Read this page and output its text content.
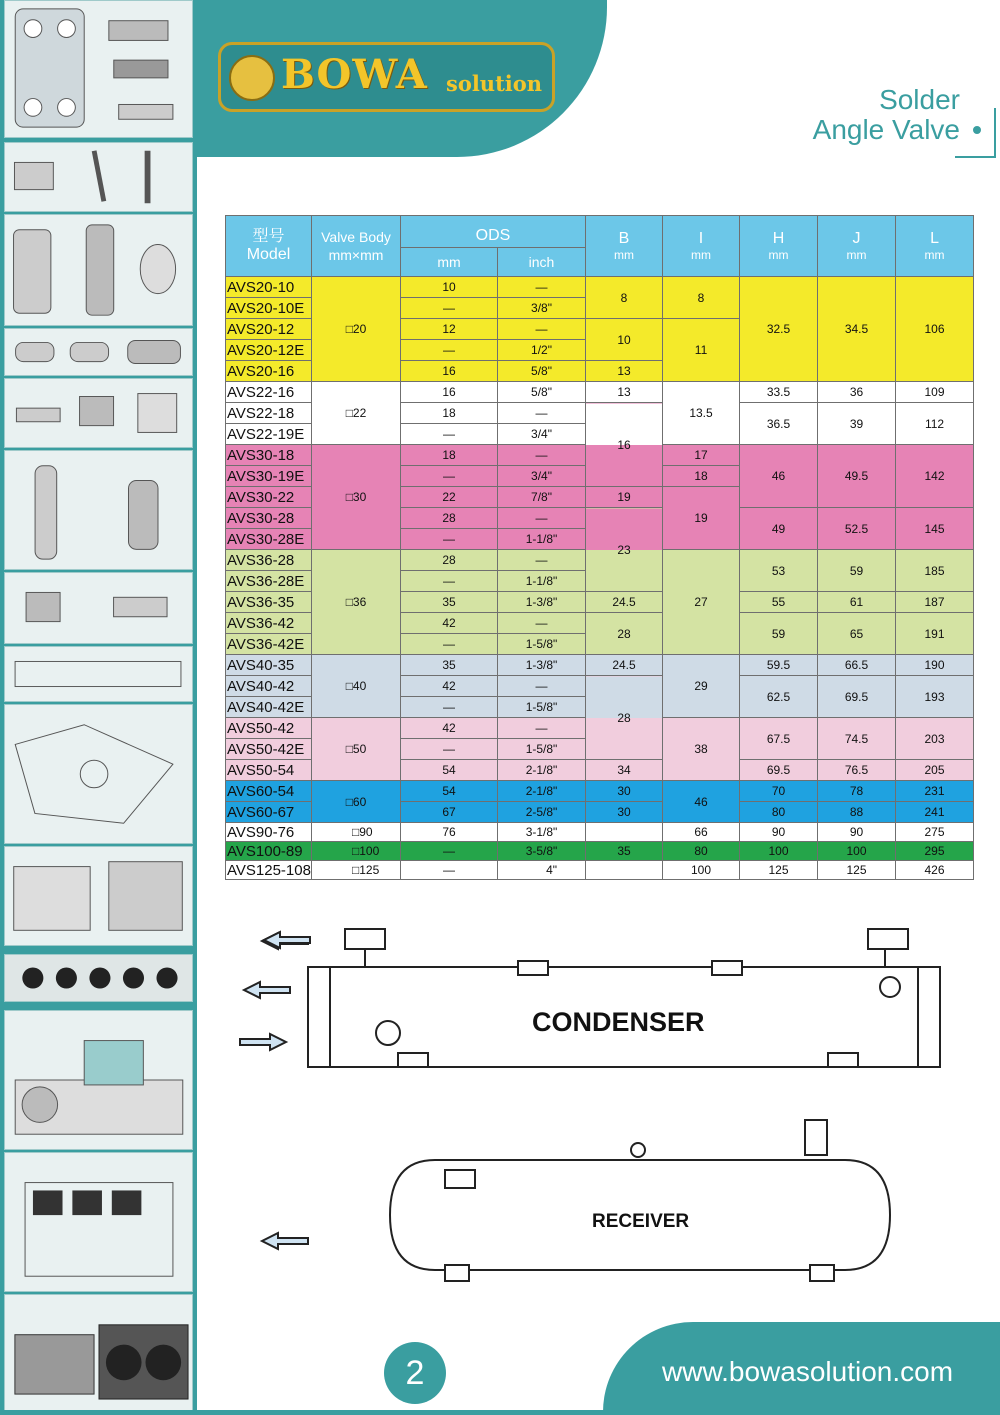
BOWA solution
Solder
Angle Valve
型号
Model	Valve Body
mm×mm	ODS		B
mm	I
mm	H
mm	J
mm	L
mm

		mm	inch					
AVS20-10	□20	10	—	8	8	32.5	34.5	106
AVS20-10E		—	3/8"					
AVS20-12		12	—	10	11			
AVS20-12E		—	1/2"					
AVS20-16		16	5/8"	13				
AVS22-16	□22	16	5/8"	13	13.5	33.5	36	109
AVS22-18		18	—	16		36.5	39	112
AVS22-19E		—	3/4"					
AVS30-18	□30	18	—		17	46	49.5	142
AVS30-19E		—	3/4"		18			
AVS30-22		22	7/8"	19	19			
AVS30-28		28	—	23		49	52.5	145
AVS30-28E		—	1-1/8"					
AVS36-28	□36	28	—		27	53	59	185
AVS36-28E		—	1-1/8"					
AVS36-35		35	1-3/8"	24.5		55	61	187
AVS36-42		42	—	28		59	65	191
AVS36-42E		—	1-5/8"					
AVS40-35	□40	35	1-3/8"	24.5	29	59.5	66.5	190
AVS40-42		42	—	28		62.5	69.5	193
AVS40-42E		—	1-5/8"					
AVS50-42	□50	42	—		38	67.5	74.5	203
AVS50-42E		—	1-5/8"					
AVS50-54		54	2-1/8"	34		69.5	76.5	205
AVS60-54	□60	54	2-1/8"	30	46	70	78	231
AVS60-67		67	2-5/8"	30		80	88	241
AVS90-76	□90	76	3-1/8"		66	90	90	275
AVS100-89	□100	—	3-5/8"	35	80	100	100	295
AVS125-108	□125	—	4"		100	125	125	426
CONDENSER
RECEIVER
2	www.bowasolution.com
